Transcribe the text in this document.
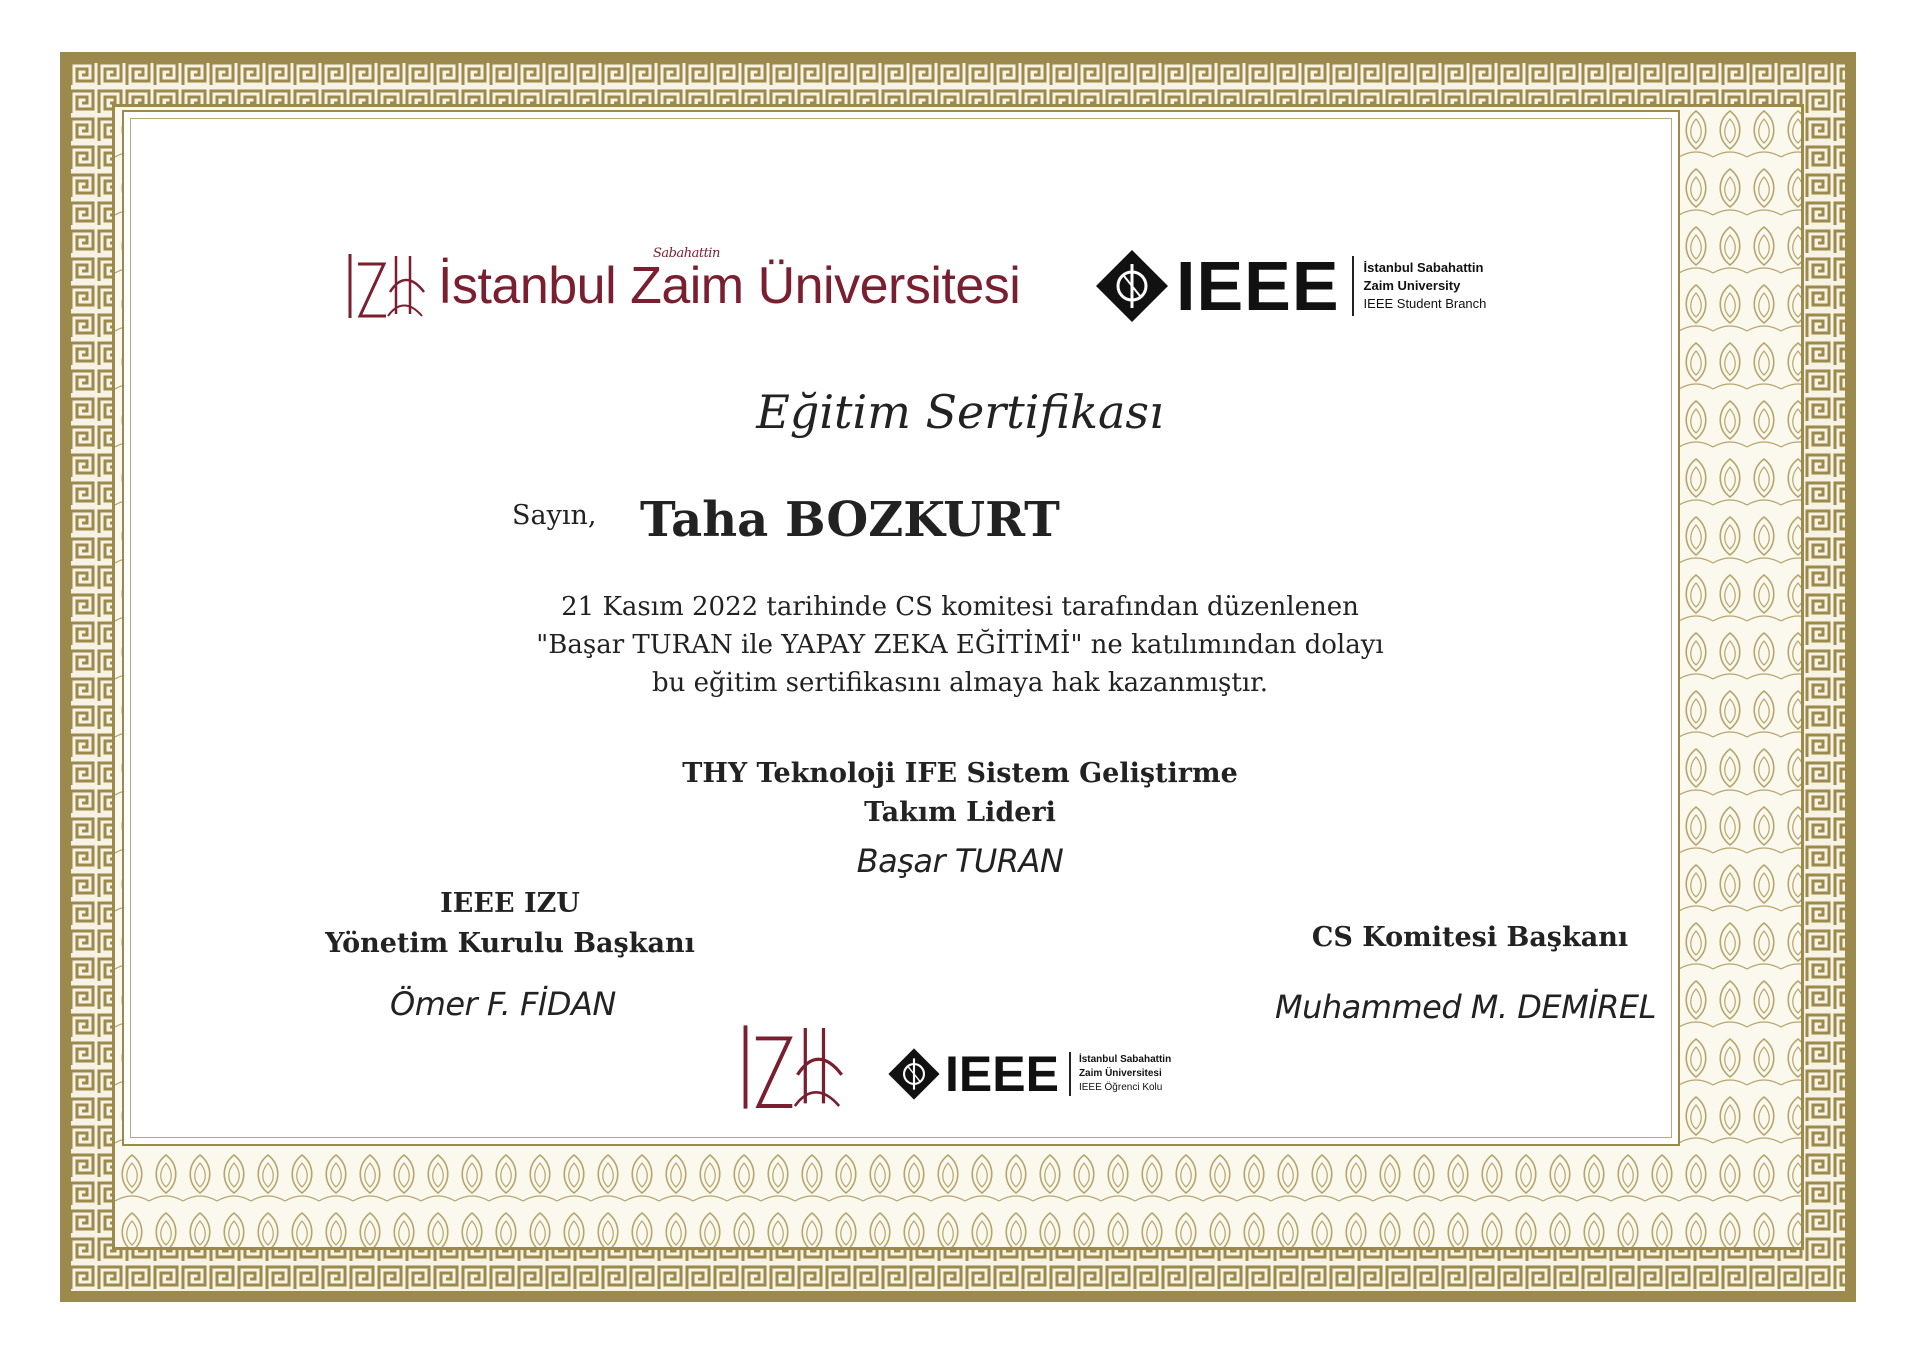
İstanbul Zaim Üniversitesi
Sabahattin	IEEE İstanbul Sabahattin
Zaim University
IEEE Student Branch
Eğitim Sertifikası
Sayın, Taha BOZKURT
21 Kasım 2022 tarihinde CS komitesi tarafından düzenlenen
"Başar TURAN ile YAPAY ZEKA EĞİTİMİ" ne katılımından dolayı
bu eğitim sertifikasını almaya hak kazanmıştır.
THY Teknoloji IFE Sistem Geliştirme
Takım Lideri
Başar TURAN
IEEE IZU
Yönetim Kurulu Başkanı
Ömer F. FİDAN
CS Komitesi Başkanı
Muhammed M. DEMİREL
IEEE İstanbul Sabahattin
Zaim Üniversitesi
IEEE Öğrenci Kolu
